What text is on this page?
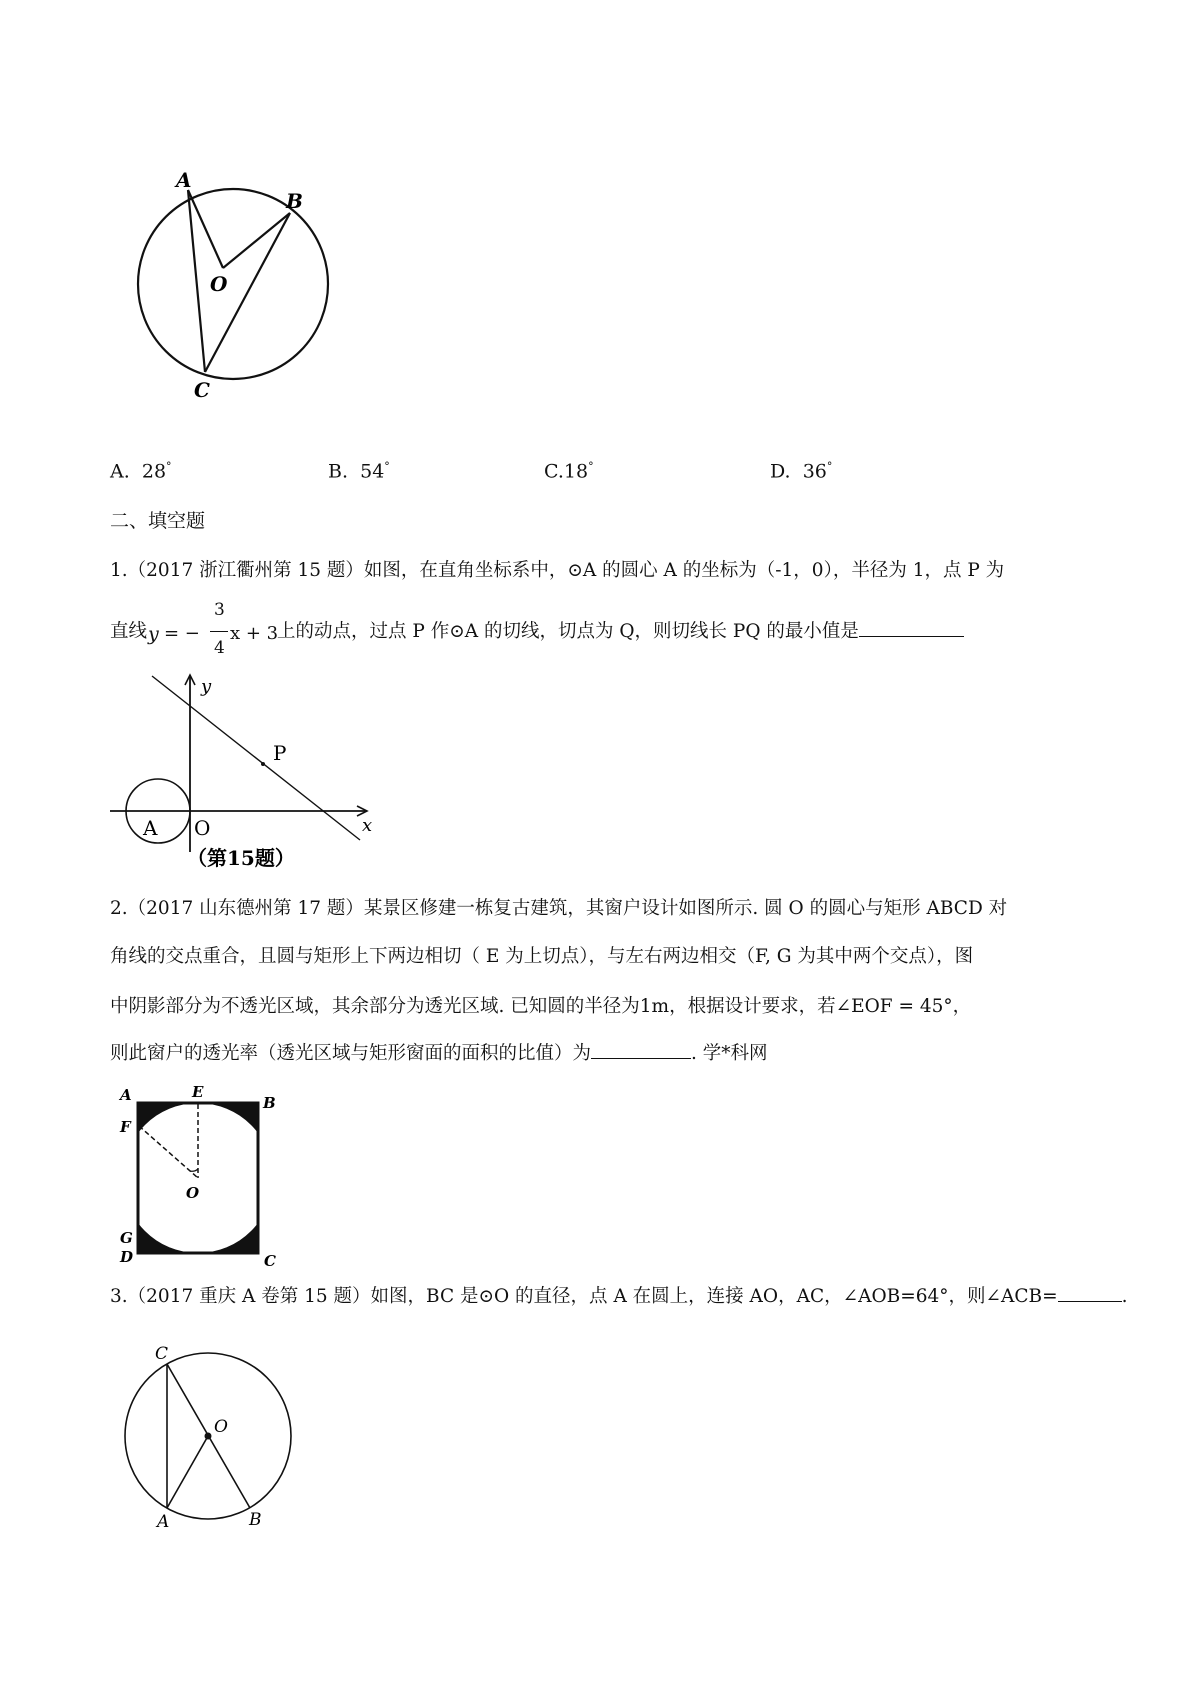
A
B
O
C
A. 28°	B. 54°	C.18°	D. 36°
二、填空题
1.（2017 浙江衢州第 15 题）如图，在直角坐标系中，⊙A 的圆心 A 的坐标为（-1，0），半径为 1，点 P 为
直线 y = −
3
4
x + 3
上的动点，过点 P 作⊙A 的切线，切点为 Q，则切线长 PQ 的最小值是
y
x
P
A O
（第15题）
2.（2017 山东德州第 17 题）某景区修建一栋复古建筑，其窗户设计如图所示. 圆 O 的圆心与矩形 ABCD 对
角线的交点重合，且圆与矩形上下两边相切（ E 为上切点），与左右两边相交（F, G 为其中两个交点），图
中阴影部分为不透光区域，其余部分为透光区域. 已知圆的半径为1m，根据设计要求，若∠EOF = 45°，
则此窗户的透光率（透光区域与矩形窗面的面积的比值）为	. 学*科网
A	E
B
F
O
G
D	C
3.（2017 重庆 A 卷第 15 题）如图，BC 是⊙O 的直径，点 A 在圆上，连接 AO，AC，∠AOB=64°，则∠ACB=	.
C
O
A	B
